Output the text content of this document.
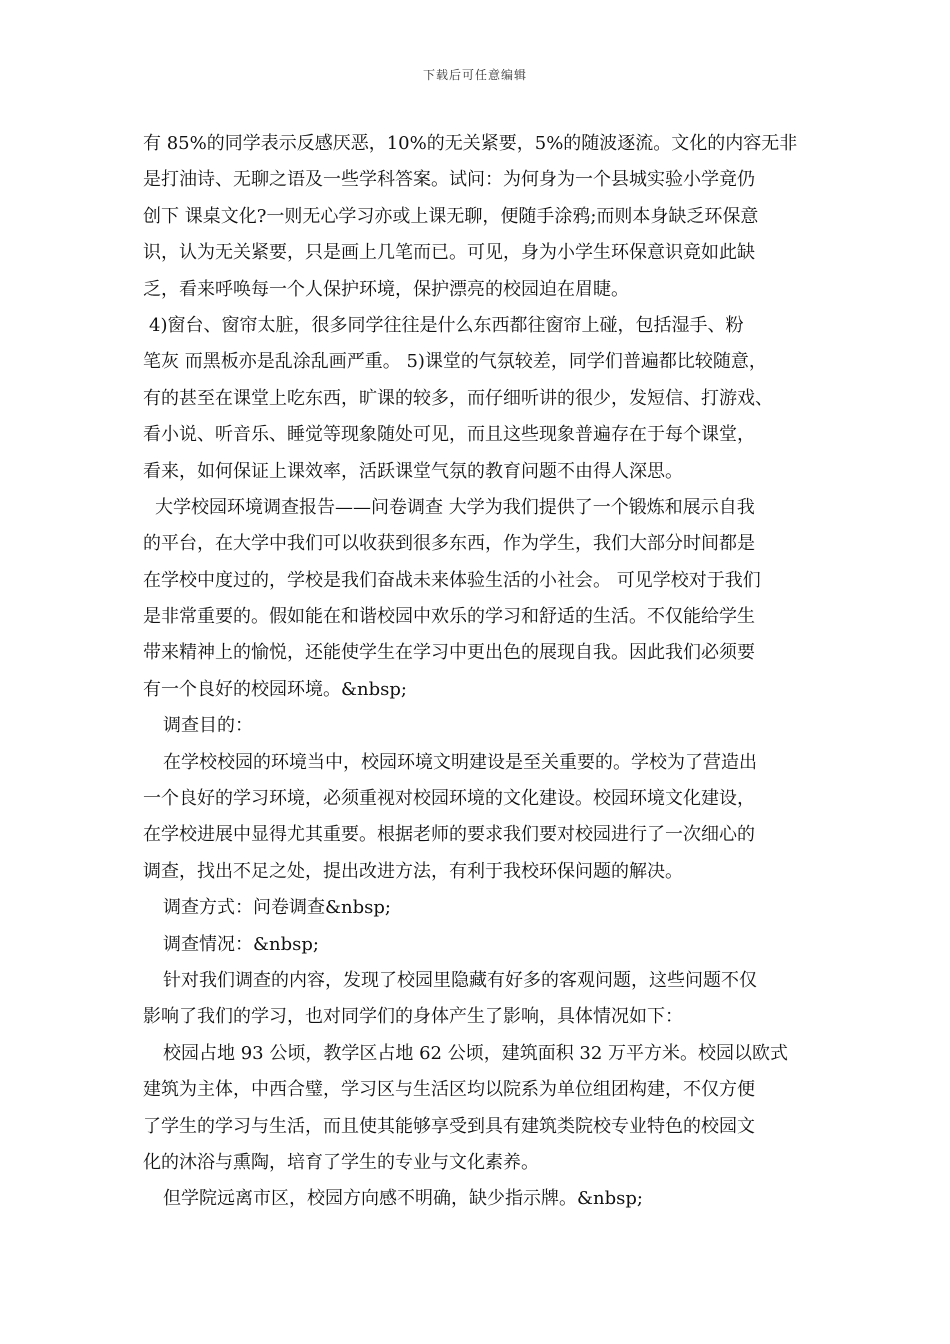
下载后可任意编辑
有 85%的同学表示反感厌恶，10%的无关紧要，5%的随波逐流。文化的内容无非
是打油诗、无聊之语及一些学科答案。试问：为何身为一个县城实验小学竟仍
创下 课桌文化?一则无心学习亦或上课无聊，便随手涂鸦;而则本身缺乏环保意
识，认为无关紧要，只是画上几笔而已。可见，身为小学生环保意识竟如此缺
乏，看来呼唤每一个人保护环境，保护漂亮的校园迫在眉睫。
4)窗台、窗帘太脏，很多同学往往是什么东西都往窗帘上碰，包括湿手、粉
笔灰 而黑板亦是乱涂乱画严重。 5)课堂的气氛较差，同学们普遍都比较随意，
有的甚至在课堂上吃东西，旷课的较多，而仔细听讲的很少，发短信、打游戏、
看小说、听音乐、睡觉等现象随处可见，而且这些现象普遍存在于每个课堂，
看来，如何保证上课效率，活跃课堂气氛的教育问题不由得人深思。
大学校园环境调查报告——问卷调查 大学为我们提供了一个锻炼和展示自我
的平台，在大学中我们可以收获到很多东西，作为学生，我们大部分时间都是
在学校中度过的，学校是我们奋战未来体验生活的小社会。 可见学校对于我们
是非常重要的。假如能在和谐校园中欢乐的学习和舒适的生活。不仅能给学生
带来精神上的愉悦，还能使学生在学习中更出色的展现自我。因此我们必须要
有一个良好的校园环境。&nbsp;
调查目的：
在学校校园的环境当中，校园环境文明建设是至关重要的。学校为了营造出
一个良好的学习环境，必须重视对校园环境的文化建设。校园环境文化建设，
在学校进展中显得尤其重要。根据老师的要求我们要对校园进行了一次细心的
调查，找出不足之处，提出改进方法，有利于我校环保问题的解决。
调查方式：问卷调查&nbsp;
调查情况：&nbsp;
针对我们调查的内容，发现了校园里隐藏有好多的客观问题，这些问题不仅
影响了我们的学习，也对同学们的身体产生了影响，具体情况如下：
校园占地 93 公顷，教学区占地 62 公顷，建筑面积 32 万平方米。校园以欧式
建筑为主体，中西合璧，学习区与生活区均以院系为单位组团构建，不仅方便
了学生的学习与生活，而且使其能够享受到具有建筑类院校专业特色的校园文
化的沐浴与熏陶，培育了学生的专业与文化素养。
但学院远离市区，校园方向感不明确，缺少指示牌。&nbsp;
